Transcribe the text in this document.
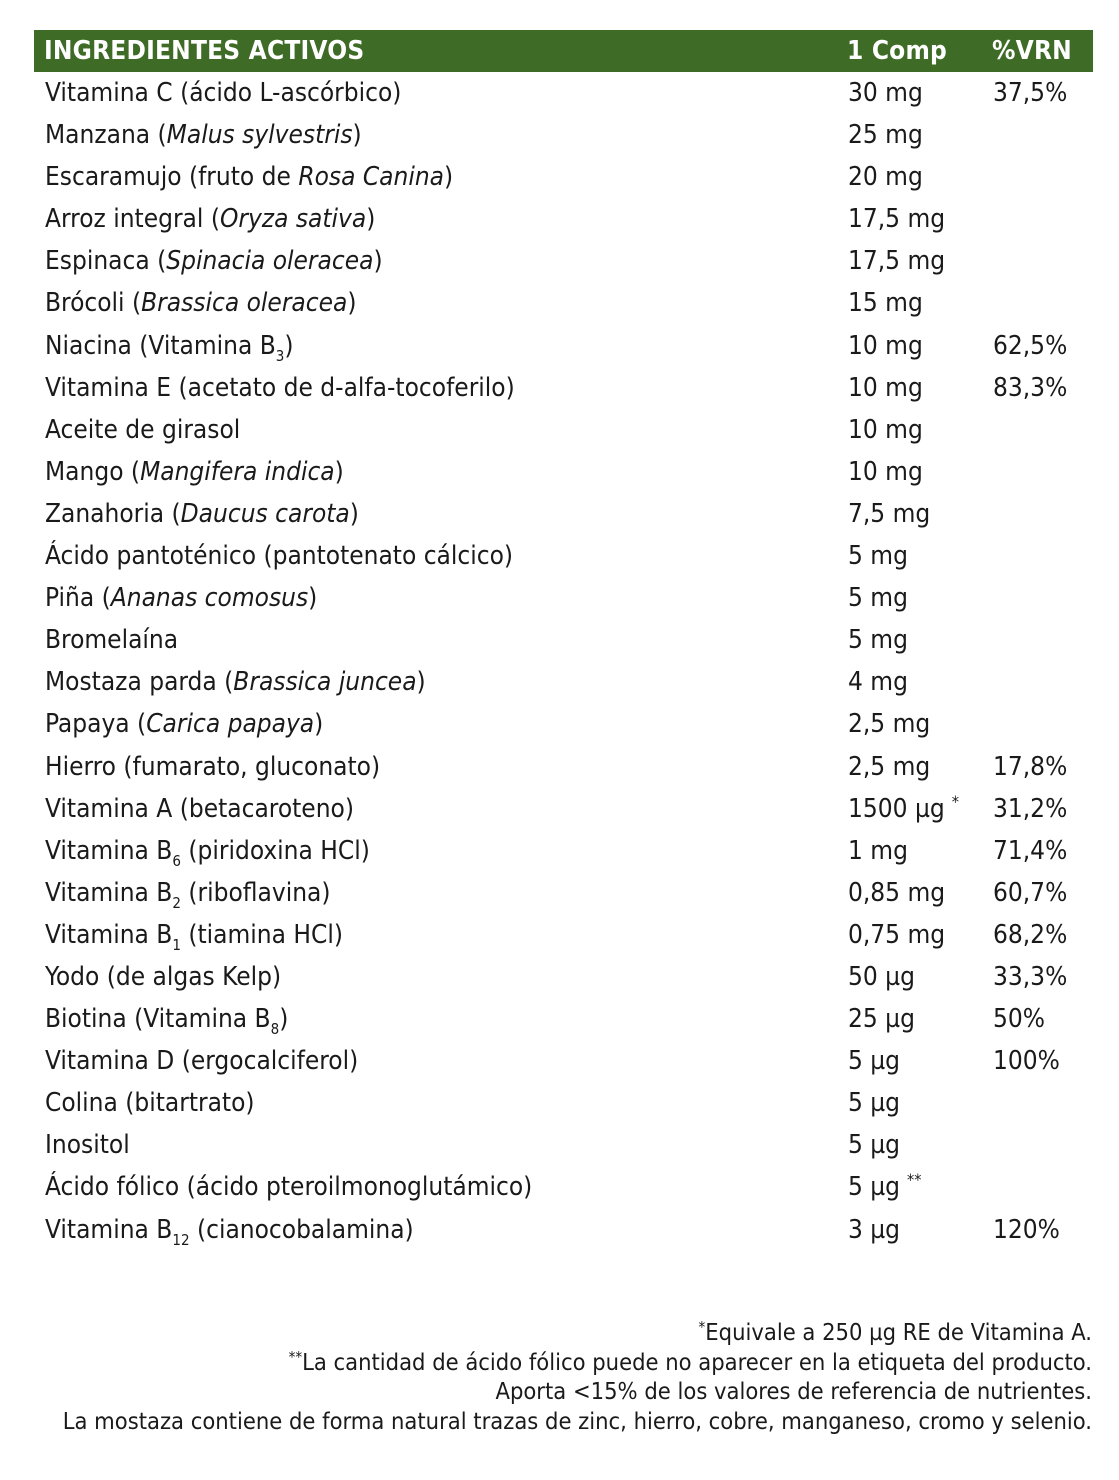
INGREDIENTES ACTIVOS	1 Comp %VRN
Vitamina C (ácido L-ascórbico)	30 mg	37,5%
Manzana (Malus sylvestris)	25 mg
Escaramujo (fruto de Rosa Canina)	20 mg
Arroz integral (Oryza sativa)	17,5 mg
Espinaca (Spinacia oleracea)	17,5 mg
Brócoli (Brassica oleracea)	15 mg
Niacina (Vitamina $B_3$)	10 mg	62,5%
Vitamina E (acetato de d-alfa-tocoferilo)	10 mg	83,3%
Aceite de girasol	10 mg
Mango (Mangifera indica)	10 mg
Zanahoria (Daucus carota)	7,5 mg
Ácido pantoténico (pantotenato cálcico)	5 mg
Piña (Ananas comosus)	5 mg
Bromelaína	5 mg
Mostaza parda (Brassica juncea)	4 mg
Papaya (Carica papaya)	2,5 mg
Hierro (fumarato, gluconato)	2,5 mg 17,8%
Vitamina A (betacaroteno)	1500 µg * 31,2%
Vitamina $B_6$ (piridoxina HCl)	1 mg	71,4%
Vitamina $B_2$ (riboflavina)	0,85 mg 60,7%
Vitamina $B_1$ (tiamina HCl)	0,75 mg 68,2%
Yodo (de algas Kelp)	50 µg	33,3%
Biotina (Vitamina $B_8$)	25 µg	50%
Vitamina D (ergocalciferol)	5 µg	100%
Colina (bitartrato)	5 µg
Inositol	5 µg
Ácido fólico (ácido pteroilmonoglutámico)	5 µg **
Vitamina $B_{12}$ (cianocobalamina)	3 µg	120%
*Equivale a 250 µg RE de Vitamina A.
**La cantidad de ácido fólico puede no aparecer en la etiqueta del producto.
Aporta <15% de los valores de referencia de nutrientes.
La mostaza contiene de forma natural trazas de zinc, hierro, cobre, manganeso, cromo y selenio.
